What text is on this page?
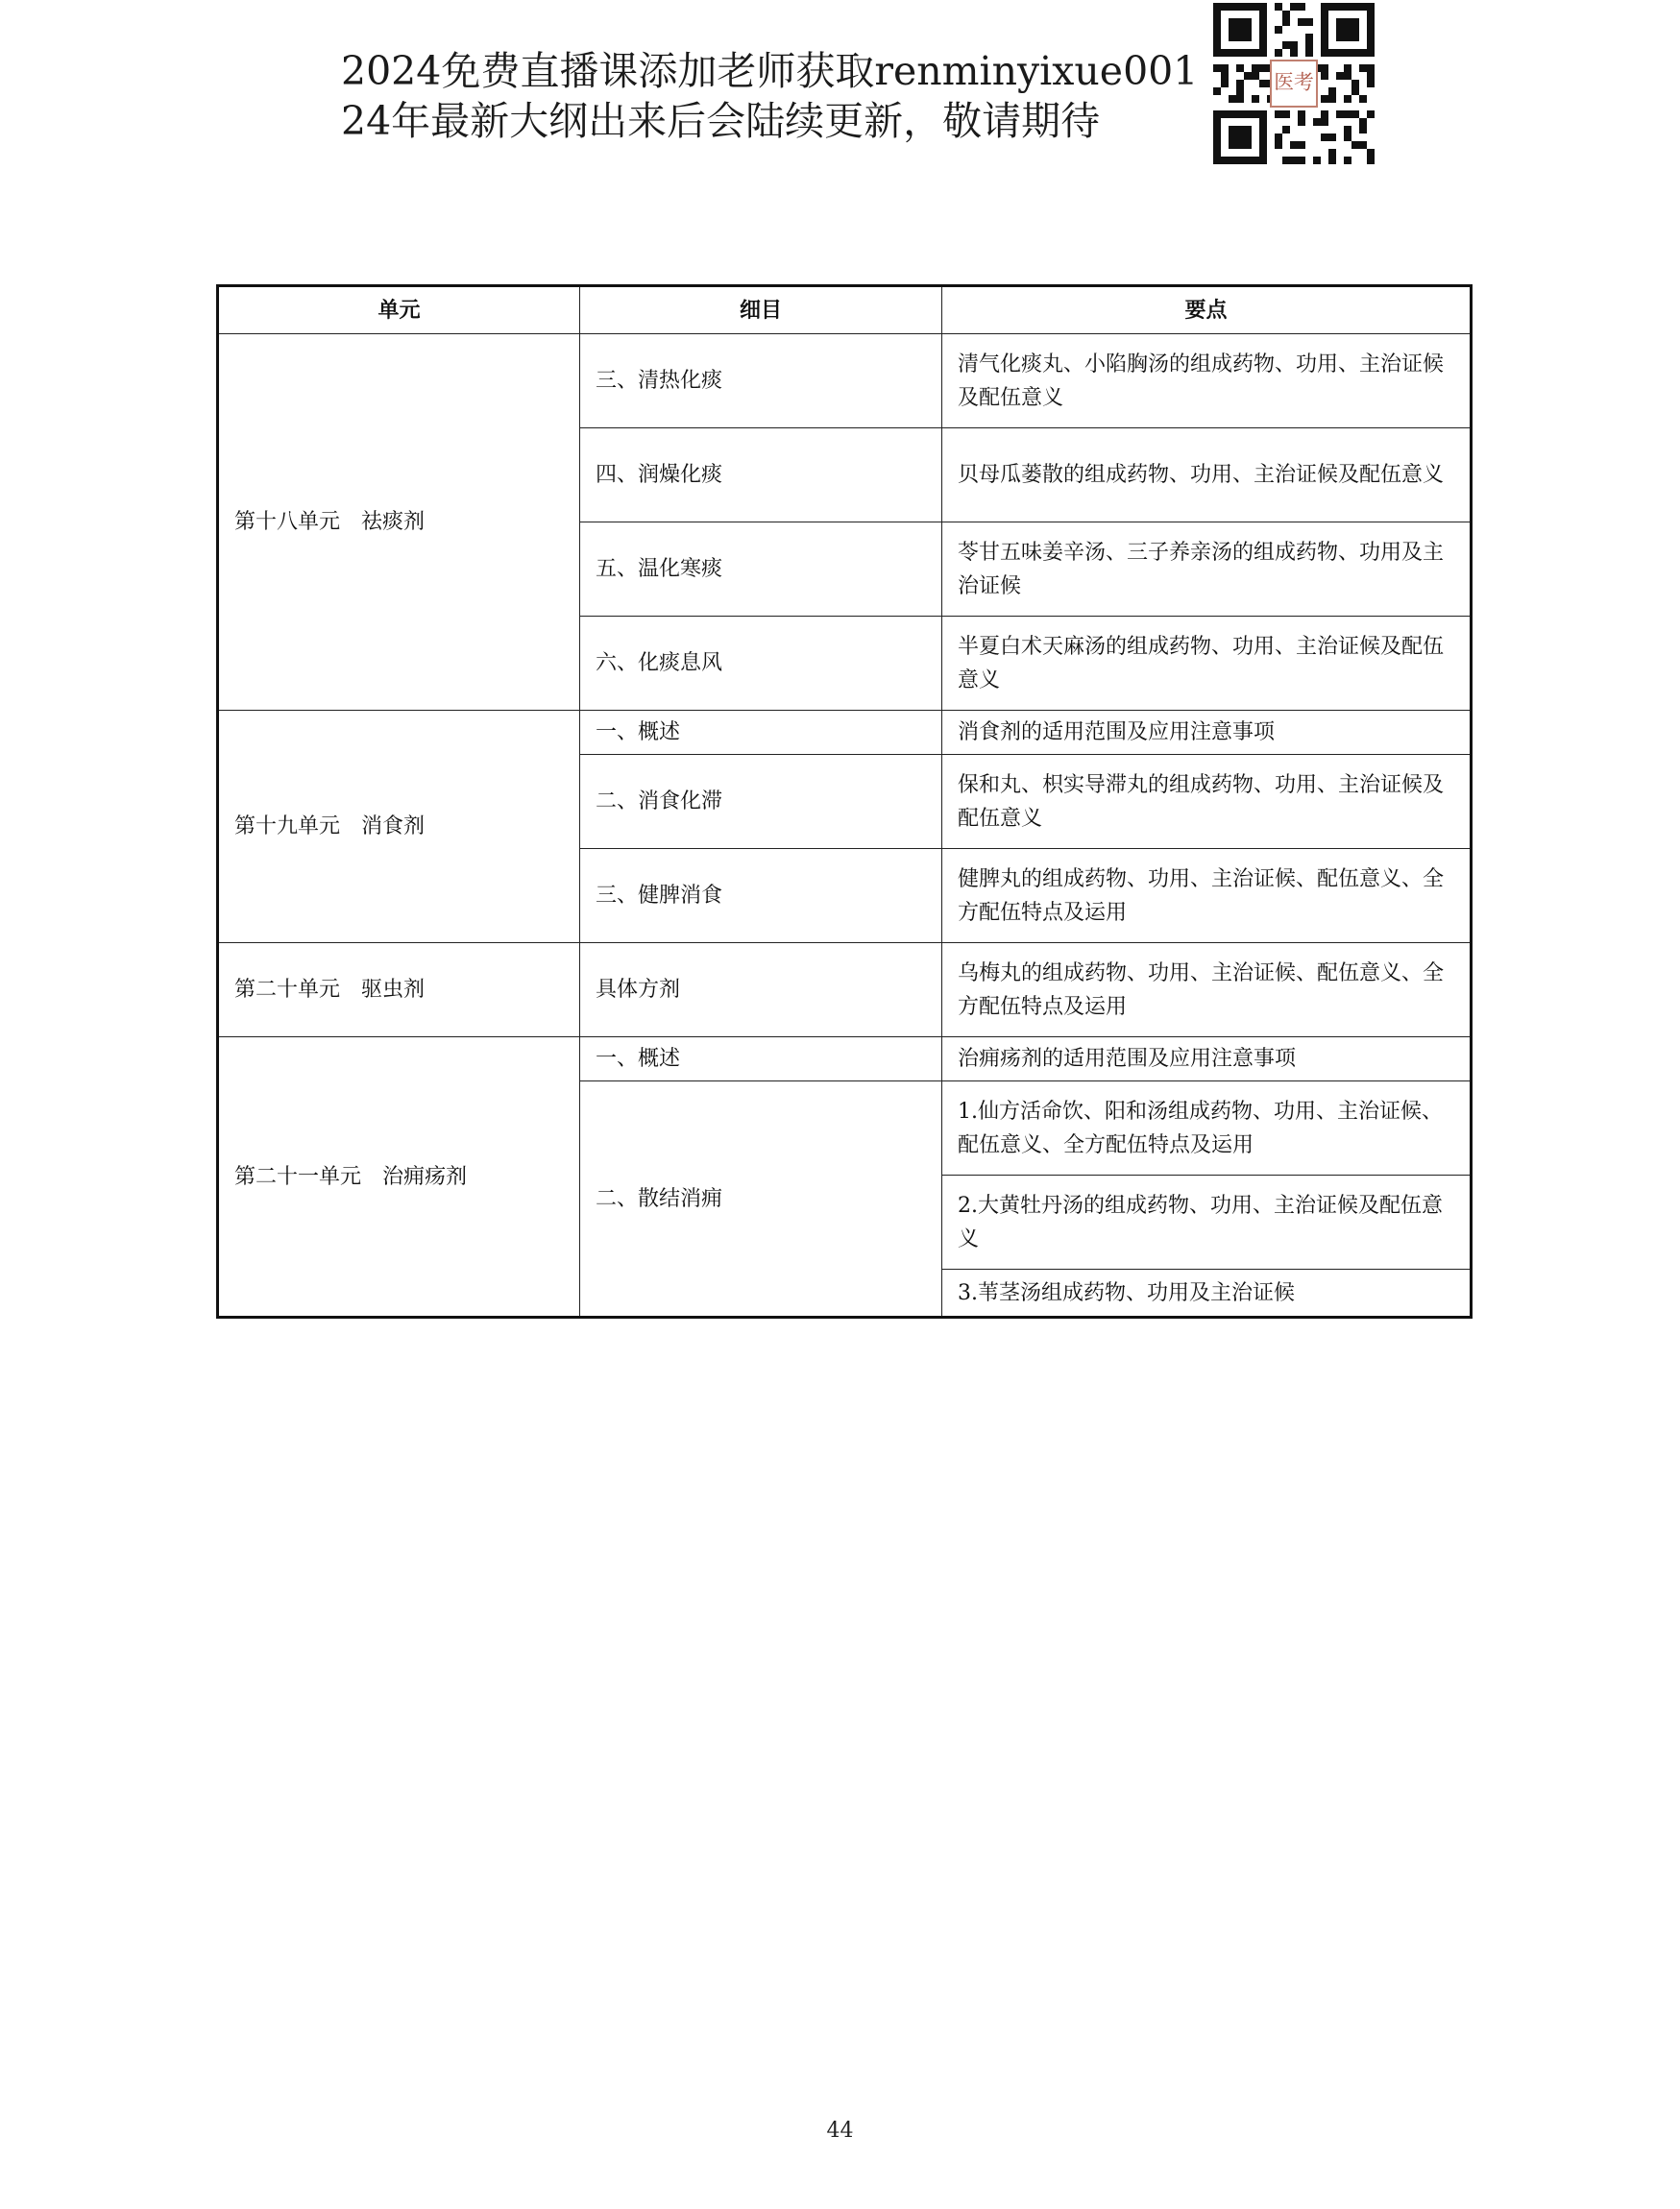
2024免费直播课添加老师获取renminyixue001
24年最新大纲出来后会陆续更新，敬请期待
医考
单元	细目	要点
第十八单元　祛痰剂	三、清热化痰	清气化痰丸、小陷胸汤的组成药物、功用、主治证候及配伍意义
	四、润燥化痰	贝母瓜蒌散的组成药物、功用、主治证候及配伍意义
	五、温化寒痰	苓甘五味姜辛汤、三子养亲汤的组成药物、功用及主治证候
	六、化痰息风	半夏白术天麻汤的组成药物、功用、主治证候及配伍意义
第十九单元　消食剂	一、概述	消食剂的适用范围及应用注意事项
	二、消食化滞	保和丸、枳实导滞丸的组成药物、功用、主治证候及配伍意义
	三、健脾消食	健脾丸的组成药物、功用、主治证候、配伍意义、全方配伍特点及运用
第二十单元　驱虫剂	具体方剂	乌梅丸的组成药物、功用、主治证候、配伍意义、全方配伍特点及运用
第二十一单元　治痈疡剂	一、概述	治痈疡剂的适用范围及应用注意事项
	二、散结消痈	1.仙方活命饮、阳和汤组成药物、功用、主治证候、配伍意义、全方配伍特点及运用
		2.大黄牡丹汤的组成药物、功用、主治证候及配伍意义
		3.苇茎汤组成药物、功用及主治证候
44
